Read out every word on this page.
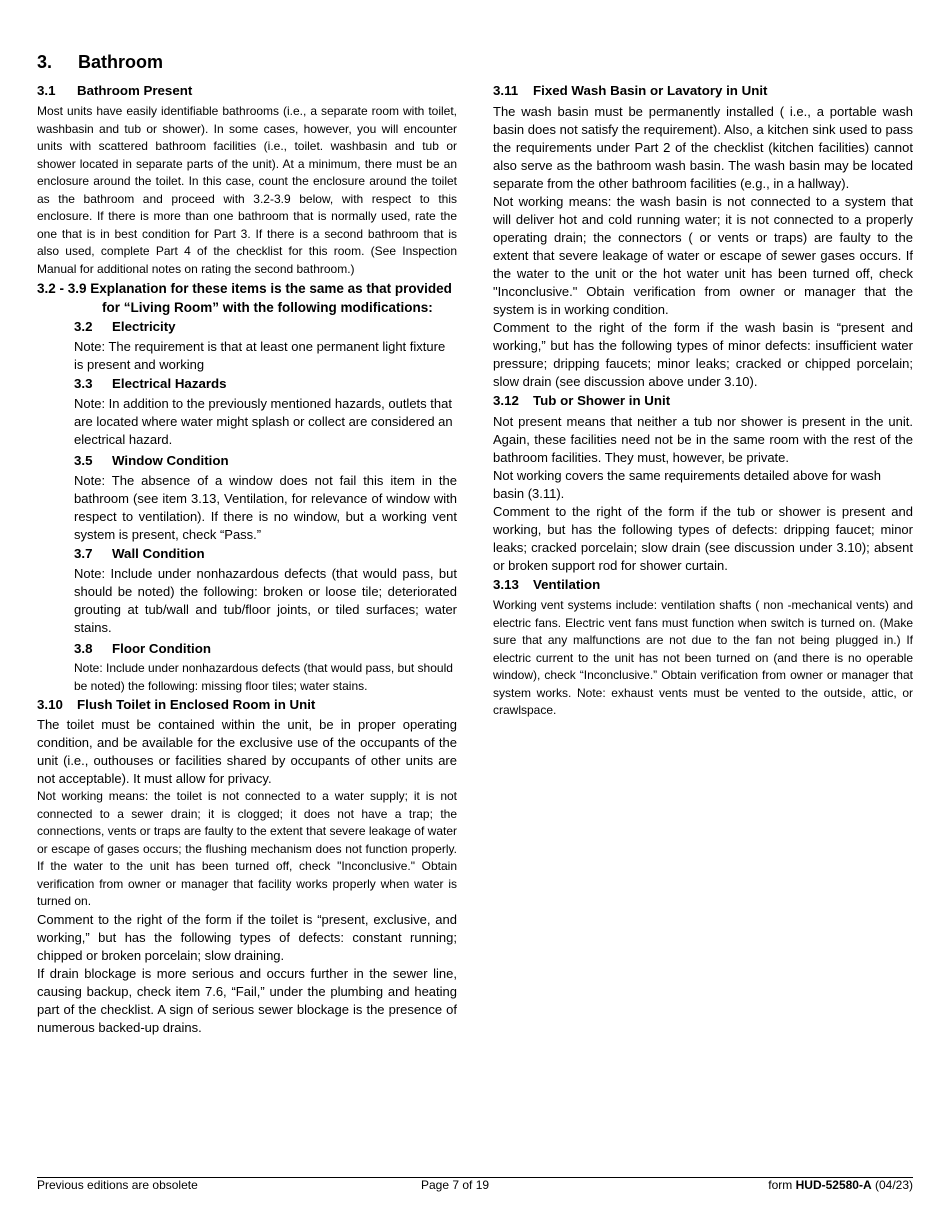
3. Bathroom

3.1 Bathroom Present

Most units have easily identifiable bathrooms (i.e., a separate room with toilet, washbasin and tub or shower). In some cases, however, you will encounter units with scattered bathroom facilities (i.e., toilet. washbasin and tub or shower located in separate parts of the unit). At a minimum, there must be an enclosure around the toilet. In this case, count the enclosure around the toilet as the bathroom and proceed with 3.2-3.9 below, with respect to this enclosure. If there is more than one bathroom that is normally used, rate the one that is in best condition for Part 3. If there is a second bathroom that is also used, complete Part 4 of the checklist for this room. (See Inspection Manual for additional notes on rating the second bathroom.)

3.2 - 3.9 Explanation for these items is the same as that provided for “Living Room” with the following modifications:

3.2 Electricity

Note: The requirement is that at least one permanent light fixture is present and working

3.3 Electrical Hazards

Note: In addition to the previously mentioned hazards, outlets that are located where water might splash or collect are considered an electrical hazard.

3.5 Window Condition

Note: The absence of a window does not fail this item in the bathroom (see item 3.13, Ventilation, for relevance of window with respect to ventilation). If there is no window, but a working vent system is present, check “Pass.”

3.7 Wall Condition

Note: Include under nonhazardous defects (that would pass, but should be noted) the following: broken or loose tile; deteriorated grouting at tub/wall and tub/floor joints, or tiled surfaces; water stains.

3.8 Floor Condition

Note: Include under nonhazardous defects (that would pass, but should be noted) the following: missing floor tiles; water stains.

3.10 Flush Toilet in Enclosed Room in Unit

The toilet must be contained within the unit, be in proper operating condition, and be available for the exclusive use of the occupants of the unit (i.e., outhouses or facilities shared by occupants of other units are not acceptable). It must allow for privacy.

Not working means: the toilet is not connected to a water supply; it is not connected to a sewer drain; it is clogged; it does not have a trap; the connections, vents or traps are faulty to the extent that severe leakage of water or escape of gases occurs; the flushing mechanism does not function properly. If the water to the unit has been turned off, check "Inconclusive." Obtain verification from owner or manager that facility works properly when water is turned on.

Comment to the right of the form if the toilet is “present, exclusive, and working,” but has the following types of defects: constant running; chipped or broken porcelain; slow draining.

If drain blockage is more serious and occurs further in the sewer line, causing backup, check item 7.6, “Fail,” under the plumbing and heating part of the checklist. A sign of serious sewer blockage is the presence of numerous backed-up drains.

3.11 Fixed Wash Basin or Lavatory in Unit

The wash basin must be permanently installed ( i.e., a portable wash basin does not satisfy the requirement). Also, a kitchen sink used to pass the requirements under Part 2 of the checklist (kitchen facilities) cannot also serve as the bathroom wash basin. The wash basin may be located separate from the other bathroom facilities (e.g., in a hallway).

Not working means: the wash basin is not connected to a system that will deliver hot and cold running water; it is not connected to a properly operating drain; the connectors ( or vents or traps) are faulty to the extent that severe leakage of water or escape of sewer gases occurs. If the water to the unit or the hot water unit has been turned off, check "Inconclusive." Obtain verification from owner or manager that the system is in working condition.

Comment to the right of the form if the wash basin is “present and working,” but has the following types of minor defects: insufficient water pressure; dripping faucets; minor leaks; cracked or chipped porcelain; slow drain (see discussion above under 3.10).

3.12 Tub or Shower in Unit

Not present means that neither a tub nor shower is present in the unit. Again, these facilities need not be in the same room with the rest of the bathroom facilities. They must, however, be private.

Not working covers the same requirements detailed above for wash basin (3.11).

Comment to the right of the form if the tub or shower is present and working, but has the following types of defects: dripping faucet; minor leaks; cracked porcelain; slow drain (see discussion under 3.10); absent or broken support rod for shower curtain.

3.13 Ventilation

Working vent systems include: ventilation shafts ( non -mechanical vents) and electric fans. Electric vent fans must function when switch is turned on. (Make sure that any malfunctions are not due to the fan not being plugged in.) If electric current to the unit has not been turned on (and there is no operable window), check “Inconclusive.” Obtain verification from owner or manager that system works. Note: exhaust vents must be vented to the outside, attic, or crawlspace.

Previous editions are obsolete	Page 7 of 19	form HUD-52580-A (04/23)
